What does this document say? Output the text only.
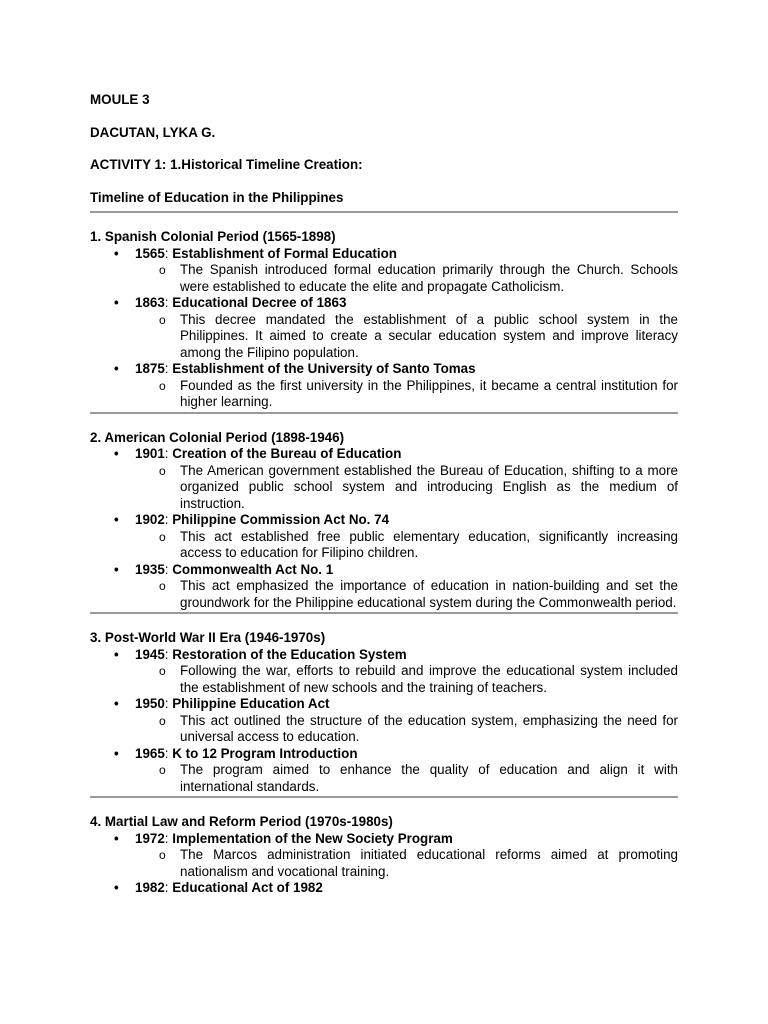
MOULE 3

DACUTAN, LYKA G.

ACTIVITY 1: 1.Historical Timeline Creation:

Timeline of Education in the Philippines
1. Spanish Colonial Period (1565-1898)
• 1565: Establishment of Formal Education
o The Spanish introduced formal education primarily through the Church. Schools were established to educate the elite and propagate Catholicism.
• 1863: Educational Decree of 1863
o This decree mandated the establishment of a public school system in the Philippines. It aimed to create a secular education system and improve literacy among the Filipino population.
• 1875: Establishment of the University of Santo Tomas
o Founded as the first university in the Philippines, it became a central institution for higher learning.
2. American Colonial Period (1898-1946)
• 1901: Creation of the Bureau of Education
o The American government established the Bureau of Education, shifting to a more organized public school system and introducing English as the medium of instruction.
• 1902: Philippine Commission Act No. 74
o This act established free public elementary education, significantly increasing access to education for Filipino children.
• 1935: Commonwealth Act No. 1
o This act emphasized the importance of education in nation-building and set the groundwork for the Philippine educational system during the Commonwealth period.
3. Post-World War II Era (1946-1970s)
• 1945: Restoration of the Education System
o Following the war, efforts to rebuild and improve the educational system included the establishment of new schools and the training of teachers.
• 1950: Philippine Education Act
o This act outlined the structure of the education system, emphasizing the need for universal access to education.
• 1965: K to 12 Program Introduction
o The program aimed to enhance the quality of education and align it with international standards.
4. Martial Law and Reform Period (1970s-1980s)
• 1972: Implementation of the New Society Program
o The Marcos administration initiated educational reforms aimed at promoting nationalism and vocational training.
• 1982: Educational Act of 1982
